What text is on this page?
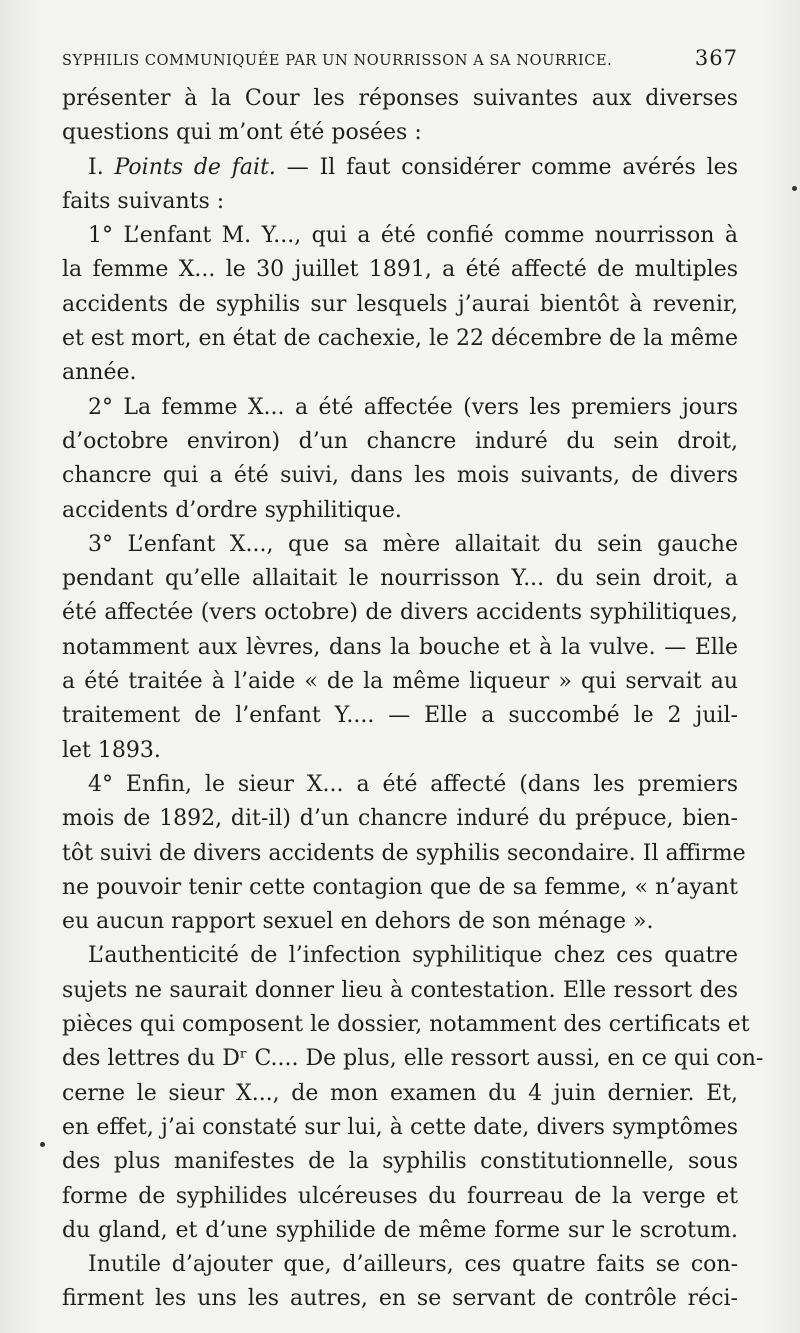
SYPHILIS COMMUNIQUÉE PAR UN NOURRISSON A SA NOURRICE.	367
présenter à la Cour les réponses suivantes aux diverses
questions qui m’ont été posées :
I. Points de fait. — Il faut considérer comme avérés les
faits suivants :
1° L’enfant M. Y..., qui a été confié comme nourrisson à
la femme X... le 30 juillet 1891, a été affecté de multiples
accidents de syphilis sur lesquels j’aurai bientôt à revenir,
et est mort, en état de cachexie, le 22 décembre de la même
année.
2° La femme X... a été affectée (vers les premiers jours
d’octobre environ) d’un chancre induré du sein droit,
chancre qui a été suivi, dans les mois suivants, de divers
accidents d’ordre syphilitique.
3° L’enfant X..., que sa mère allaitait du sein gauche
pendant qu’elle allaitait le nourrisson Y... du sein droit, a
été affectée (vers octobre) de divers accidents syphilitiques,
notamment aux lèvres, dans la bouche et à la vulve. — Elle
a été traitée à l’aide « de la même liqueur » qui servait au
traitement de l’enfant Y.... — Elle a succombé le 2 juil-
let 1893.
4° Enfin, le sieur X... a été affecté (dans les premiers
mois de 1892, dit-il) d’un chancre induré du prépuce, bien-
tôt suivi de divers accidents de syphilis secondaire. Il affirme
ne pouvoir tenir cette contagion que de sa femme, « n’ayant
eu aucun rapport sexuel en dehors de son ménage ».
L’authenticité de l’infection syphilitique chez ces quatre
sujets ne saurait donner lieu à contestation. Elle ressort des
pièces qui composent le dossier, notamment des certificats et
des lettres du Dʳ C.... De plus, elle ressort aussi, en ce qui con-
cerne le sieur X..., de mon examen du 4 juin dernier. Et,
en effet, j’ai constaté sur lui, à cette date, divers symptômes
des plus manifestes de la syphilis constitutionnelle, sous
forme de syphilides ulcéreuses du fourreau de la verge et
du gland, et d’une syphilide de même forme sur le scrotum.
Inutile d’ajouter que, d’ailleurs, ces quatre faits se con-
firment les uns les autres, en se servant de contrôle réci-
